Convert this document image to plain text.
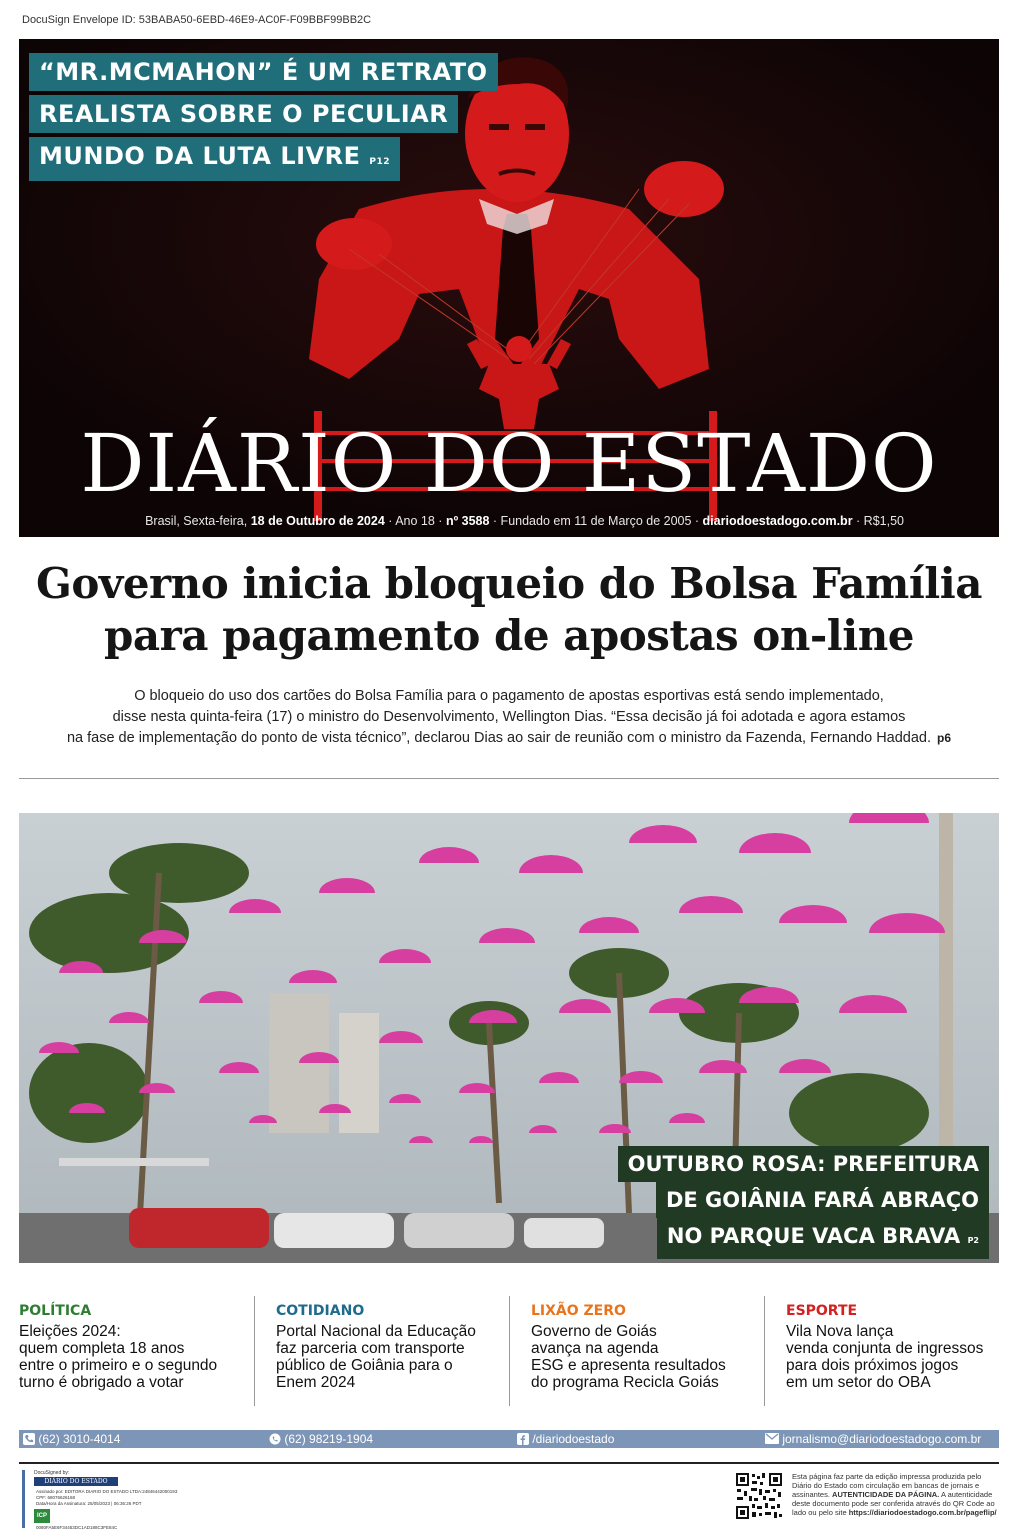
DocuSign Envelope ID: 53BABA50-6EBD-46E9-AC0F-F09BBF99BB2C
“MR.MCMAHON” É UM RETRATO
REALISTA SOBRE O PECULIAR
MUNDO DA LUTA LIVRE P12
DIÁRIO DO ESTADO
Brasil, Sexta-feira, 18 de Outubro de 2024 · Ano 18 · nº 3588 · Fundado em 11 de Março de 2005 · diariodoestadogo.com.br · R$1,50
Governo inicia bloqueio do Bolsa Família
para pagamento de apostas on-line
O bloqueio do uso dos cartões do Bolsa Família para o pagamento de apostas esportivas está sendo implementado,
disse nesta quinta-feira (17) o ministro do Desenvolvimento, Wellington Dias. “Essa decisão já foi adotada e agora estamos
na fase de implementação do ponto de vista técnico”, declarou Dias ao sair de reunião com o ministro da Fazenda, Fernando Haddad. p6
OUTUBRO ROSA: PREFEITURA
DE GOIÂNIA FARÁ ABRAÇO
NO PARQUE VACA BRAVA P2
POLÍTICA
Eleições 2024:
quem completa 18 anos
entre o primeiro e o segundo
turno é obrigado a votar
COTIDIANO
Portal Nacional da Educação
faz parceria com transporte
público de Goiânia para o
Enem 2024
LIXÃO ZERO
Governo de Goiás
avança na agenda
ESG e apresenta resultados
do programa Recicla Goiás
ESPORTE
Vila Nova lança
venda conjunta de ingressos
para dois próximos jogos
em um setor do OBA
(62) 3010-4014	(62) 98219-1904	/diariodoestado	jornalismo@diariodoestadogo.com.br
DocuSigned by:
DIÁRIO DO ESTADO
Assinado por: EDITORA DIARIO DO ESTADO LTDA:24846442000193
CPF: 68076626168
Data/Hora da Assinatura: 25/05/2023 | 06:36:26 PDT
ICP
0080FA5E6F34453DC1AD188C3FE84C
Esta página faz parte da edição impressa produzida pelo Diário do Estado com circulação em bancas de jornais e assinantes. AUTENTICIDADE DA PÁGINA. A autenticidade deste documento pode ser conferida através do QR Code ao lado ou pelo site https://diariodoestadogo.com.br/pageflip/
